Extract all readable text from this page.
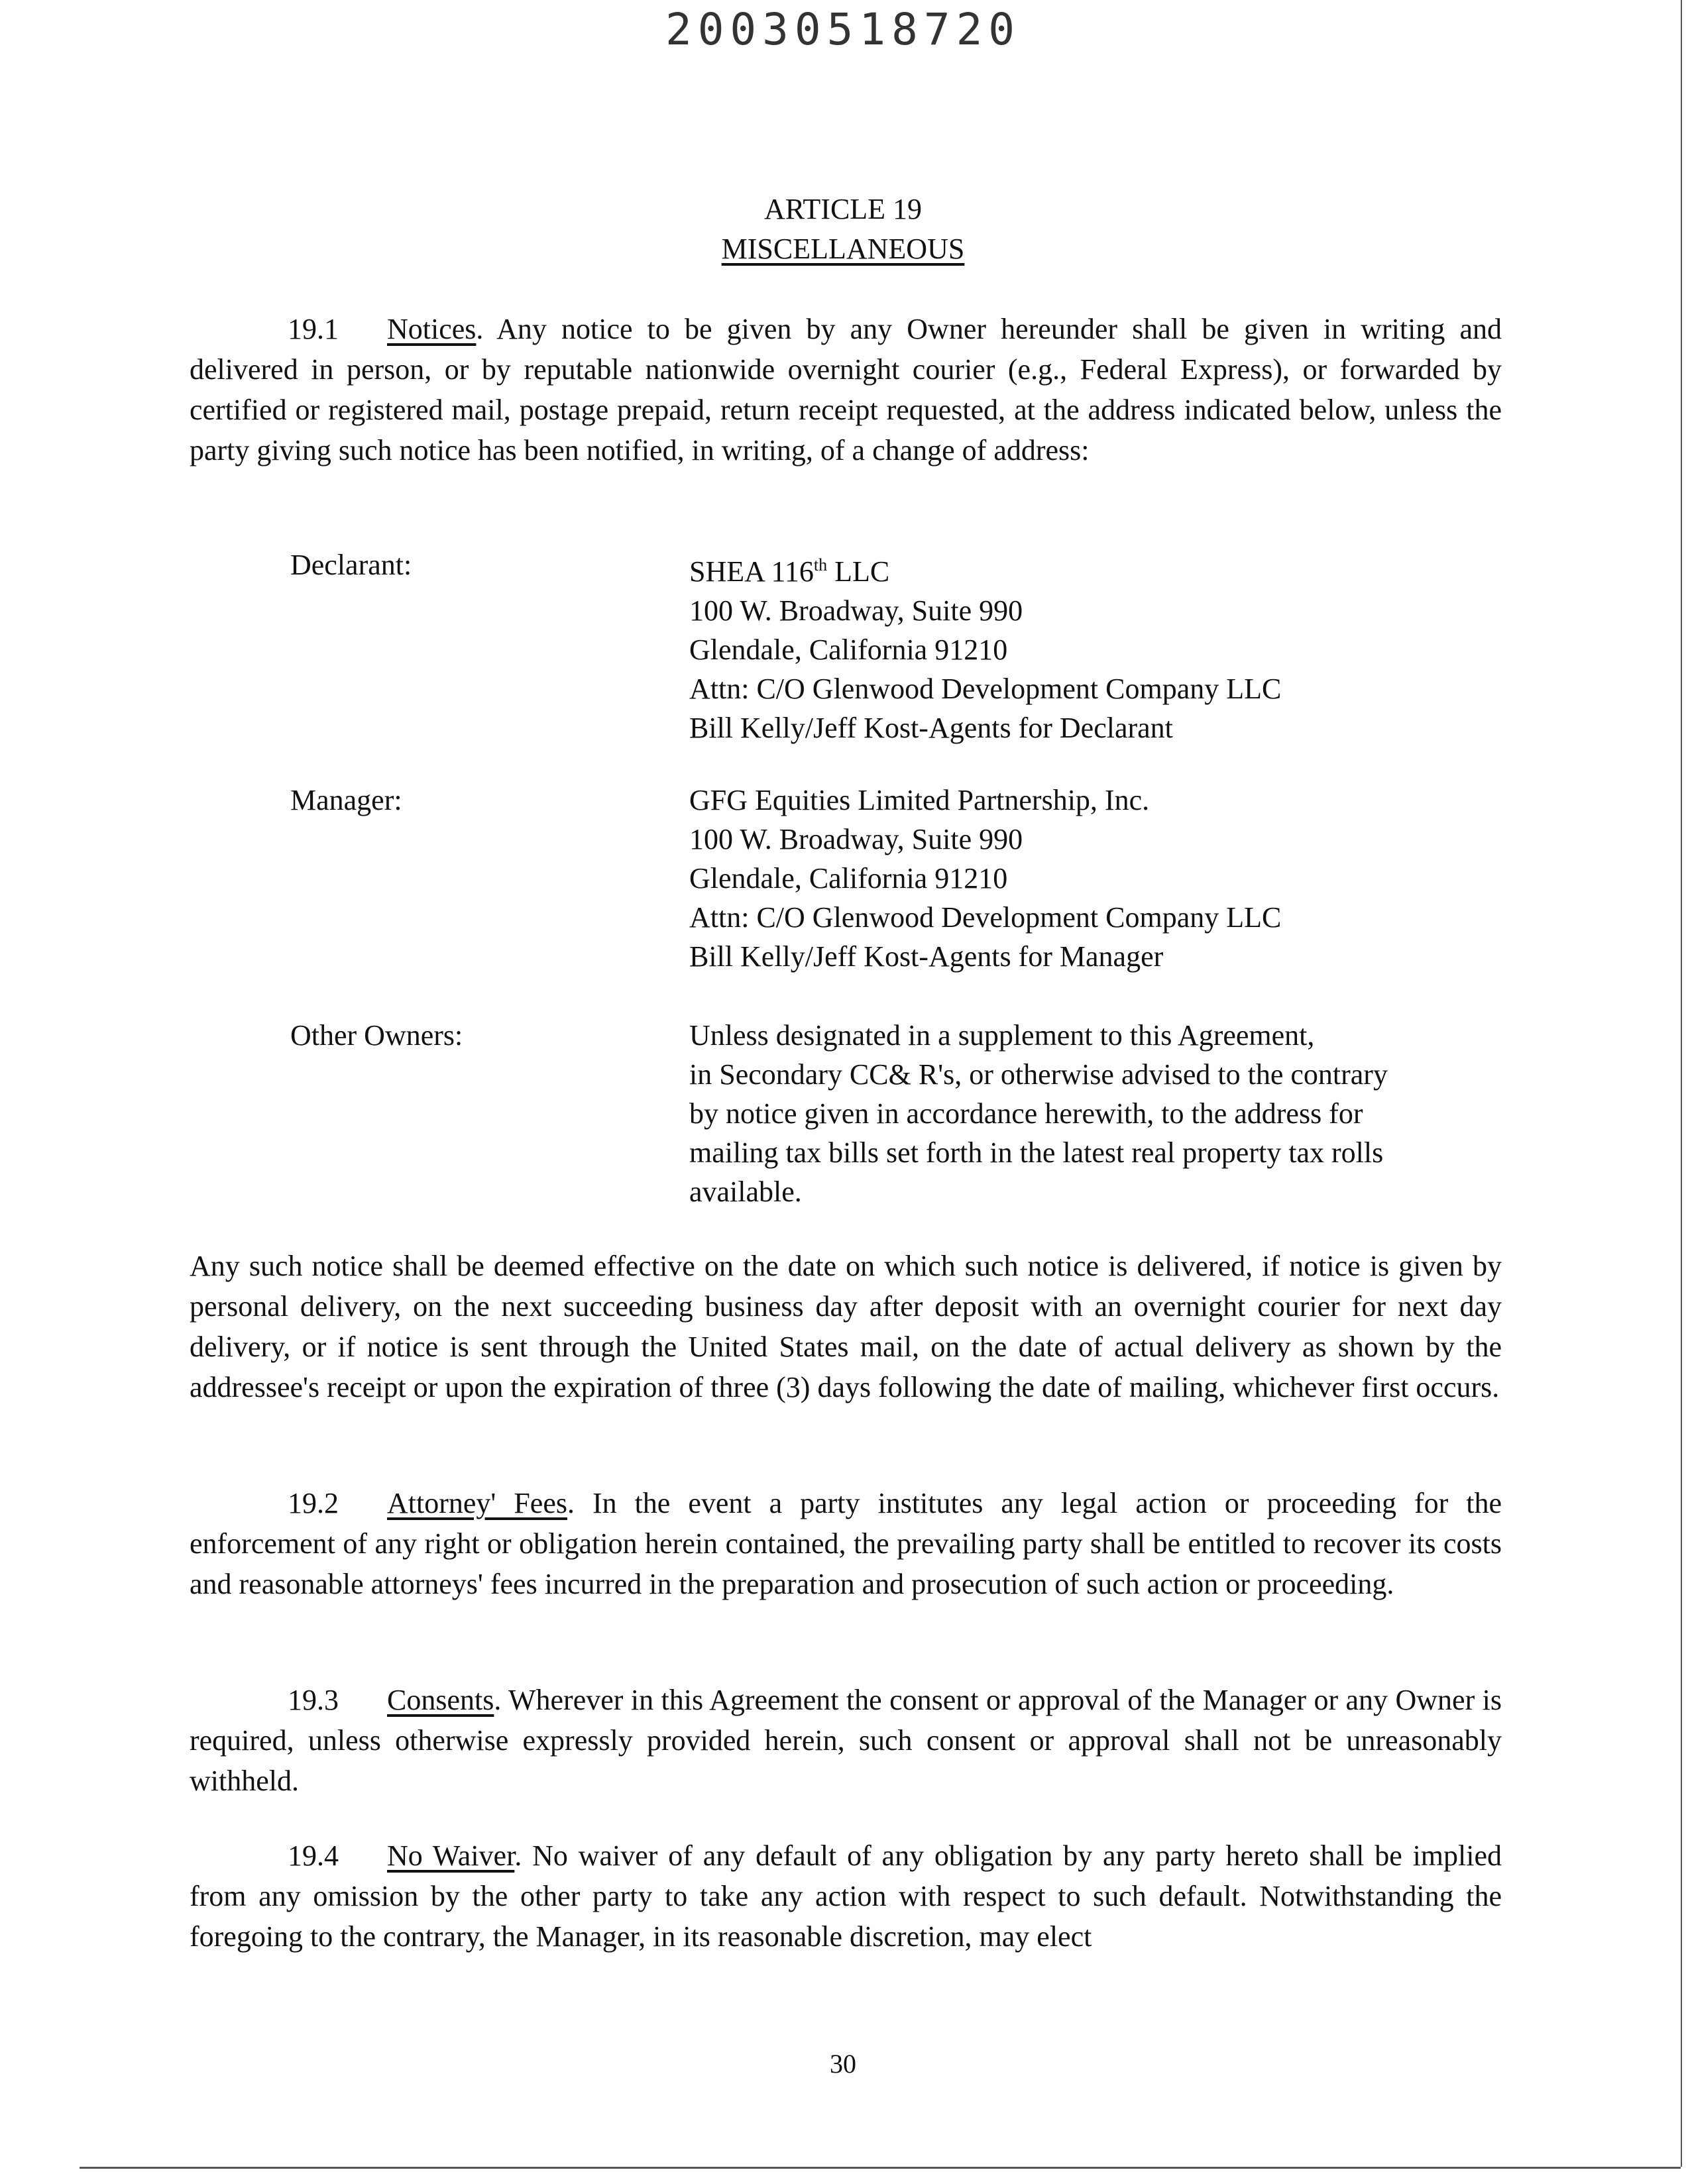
20030518720
ARTICLE 19
MISCELLANEOUS
19.1 Notices. Any notice to be given by any Owner hereunder shall be given in writing and delivered in person, or by reputable nationwide overnight courier (e.g., Federal Express), or forwarded by certified or registered mail, postage prepaid, return receipt requested, at the address indicated below, unless the party giving such notice has been notified, in writing, of a change of address:
Declarant:	SHEA 116th LLC
100 W. Broadway, Suite 990
Glendale, California 91210
Attn: C/O Glenwood Development Company LLC
Bill Kelly/Jeff Kost-Agents for Declarant
Manager:	GFG Equities Limited Partnership, Inc.
100 W. Broadway, Suite 990
Glendale, California 91210
Attn: C/O Glenwood Development Company LLC
Bill Kelly/Jeff Kost-Agents for Manager
Other Owners:	Unless designated in a supplement to this Agreement,
in Secondary CC& R's, or otherwise advised to the contrary
by notice given in accordance herewith, to the address for
mailing tax bills set forth in the latest real property tax rolls
available.
Any such notice shall be deemed effective on the date on which such notice is delivered, if notice is given by personal delivery, on the next succeeding business day after deposit with an overnight courier for next day delivery, or if notice is sent through the United States mail, on the date of actual delivery as shown by the addressee's receipt or upon the expiration of three (3) days following the date of mailing, whichever first occurs.
19.2 Attorney' Fees. In the event a party institutes any legal action or proceeding for the enforcement of any right or obligation herein contained, the prevailing party shall be entitled to recover its costs and reasonable attorneys' fees incurred in the preparation and prosecution of such action or proceeding.
19.3 Consents. Wherever in this Agreement the consent or approval of the Manager or any Owner is required, unless otherwise expressly provided herein, such consent or approval shall not be unreasonably withheld.
19.4 No Waiver. No waiver of any default of any obligation by any party hereto shall be implied from any omission by the other party to take any action with respect to such default. Notwithstanding the foregoing to the contrary, the Manager, in its reasonable discretion, may elect
30
